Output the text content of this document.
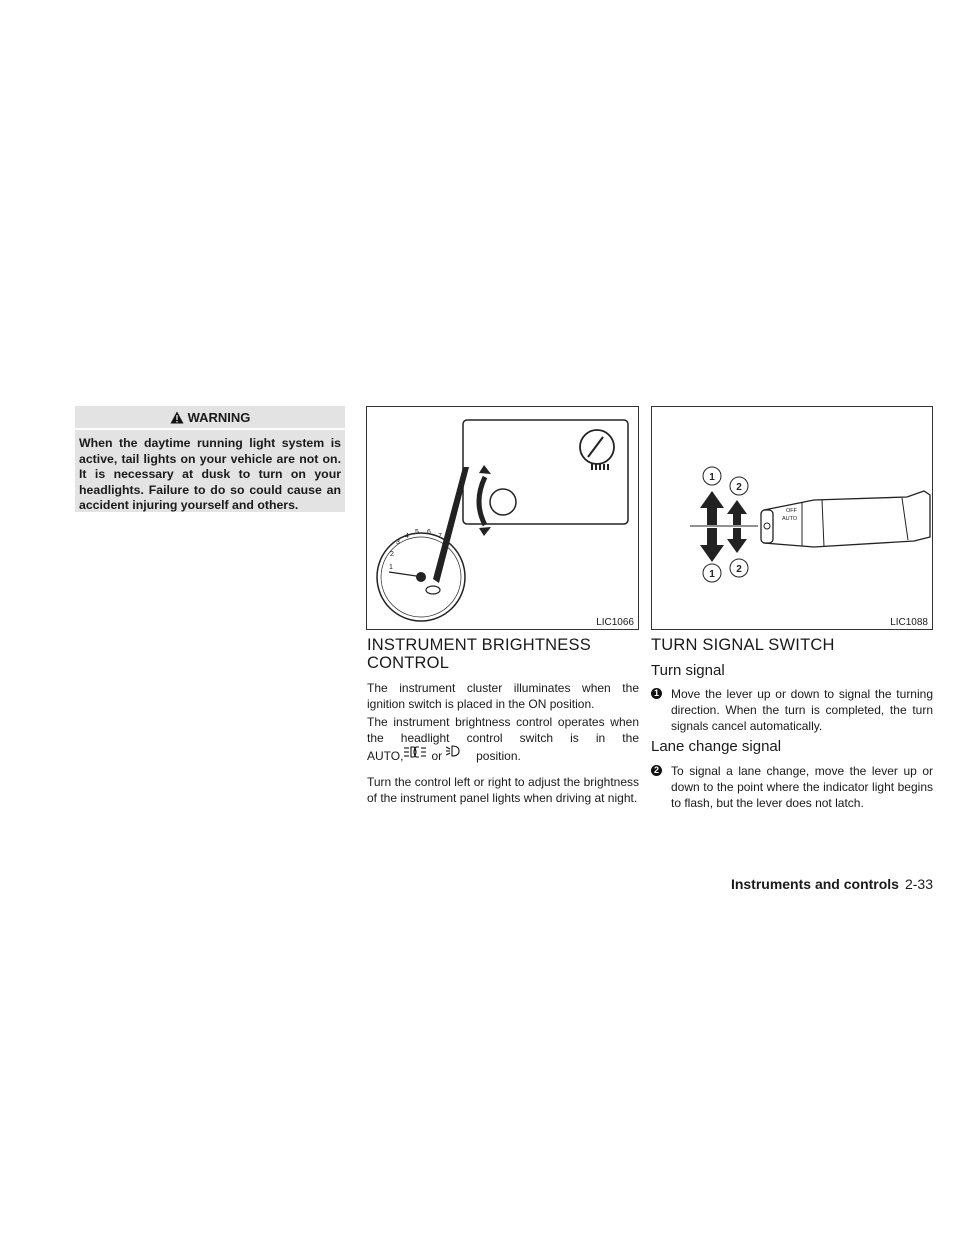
WARNING
When the daytime running light system is active, tail lights on your vehicle are not on. It is necessary at dusk to turn on your headlights. Failure to do so could cause an accident injuring yourself and others.
1
2
3
4
5 6
7
LIC1066
1
2
1 2
OFF
AUTO
LIC1088
INSTRUMENT BRIGHTNESS
CONTROL

The instrument cluster illuminates when the ignition switch is placed in the ON position.

The instrument brightness control operates when the headlight control switch is in the
AUTO, or	position.

Turn the control left or right to adjust the brightness of the instrument panel lights when driving at night.

TURN SIGNAL SWITCH
Turn signal
1	Move the lever up or down to signal the turning direction. When the turn is completed, the turn signals cancel automatically.
Lane change signal
2	To signal a lane change, move the lever up or down to the point where the indicator light begins to flash, but the lever does not latch.
Instruments and controls 2-33
